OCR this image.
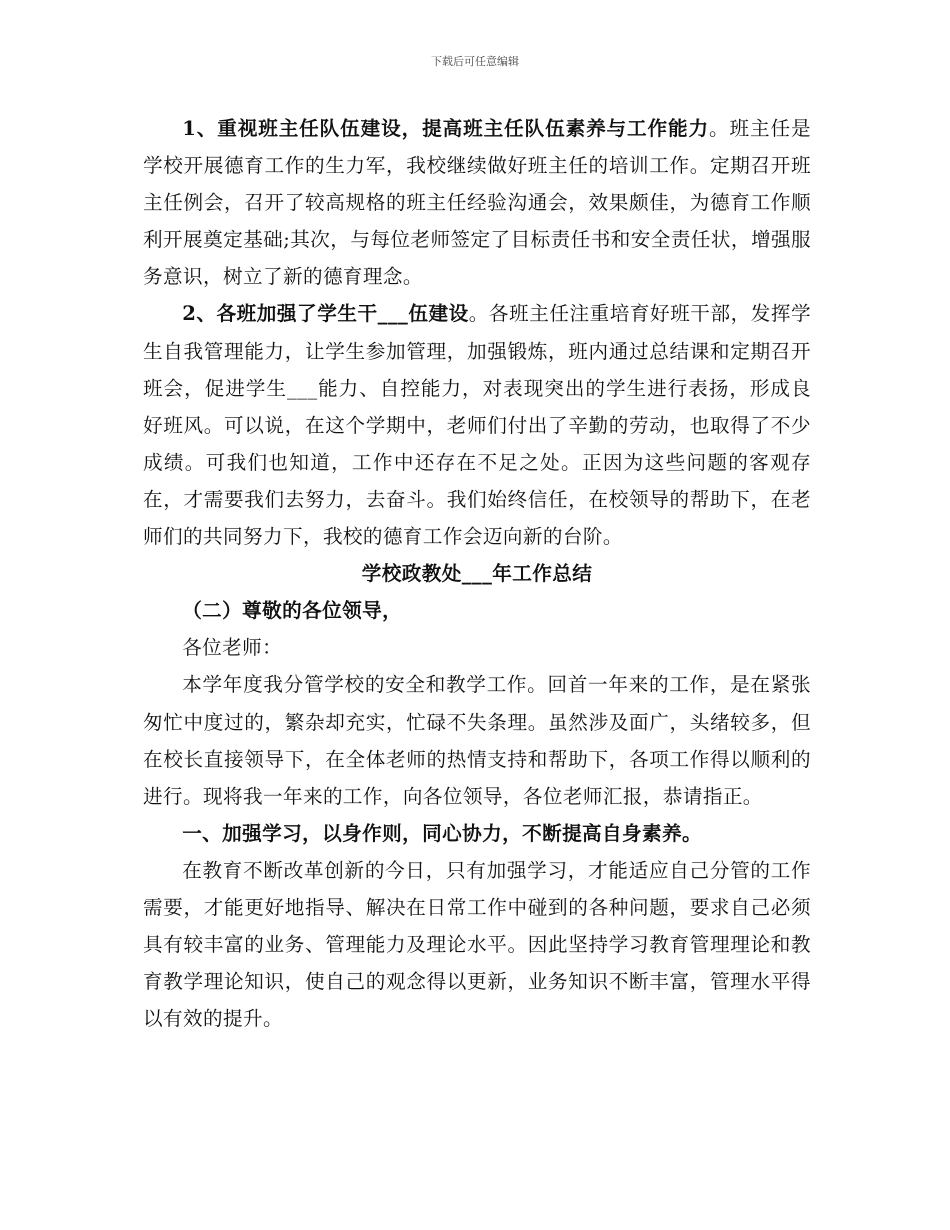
下载后可任意编辑

1、重视班主任队伍建设，提高班主任队伍素养与工作能力。班主任是学校开展德育工作的生力军，我校继续做好班主任的培训工作。定期召开班主任例会，召开了较高规格的班主任经验沟通会，效果颇佳，为德育工作顺利开展奠定基础;其次，与每位老师签定了目标责任书和安全责任状，增强服务意识，树立了新的德育理念。

2、各班加强了学生干___伍建设。各班主任注重培育好班干部，发挥学生自我管理能力，让学生参加管理，加强锻炼，班内通过总结课和定期召开班会，促进学生___能力、自控能力，对表现突出的学生进行表扬，形成良好班风。可以说，在这个学期中，老师们付出了辛勤的劳动，也取得了不少成绩。可我们也知道，工作中还存在不足之处。正因为这些问题的客观存在，才需要我们去努力，去奋斗。我们始终信任，在校领导的帮助下，在老师们的共同努力下，我校的德育工作会迈向新的台阶。

学校政教处___年工作总结

（二）尊敬的各位领导，

各位老师：

本学年度我分管学校的安全和教学工作。回首一年来的工作，是在紧张匆忙中度过的，繁杂却充实，忙碌不失条理。虽然涉及面广，头绪较多，但在校长直接领导下，在全体老师的热情支持和帮助下，各项工作得以顺利的进行。现将我一年来的工作，向各位领导，各位老师汇报，恭请指正。

一、加强学习，以身作则，同心协力，不断提高自身素养。

在教育不断改革创新的今日，只有加强学习，才能适应自己分管的工作需要，才能更好地指导、解决在日常工作中碰到的各种问题，要求自己必须具有较丰富的业务、管理能力及理论水平。因此坚持学习教育管理理论和教育教学理论知识，使自己的观念得以更新，业务知识不断丰富，管理水平得以有效的提升。
